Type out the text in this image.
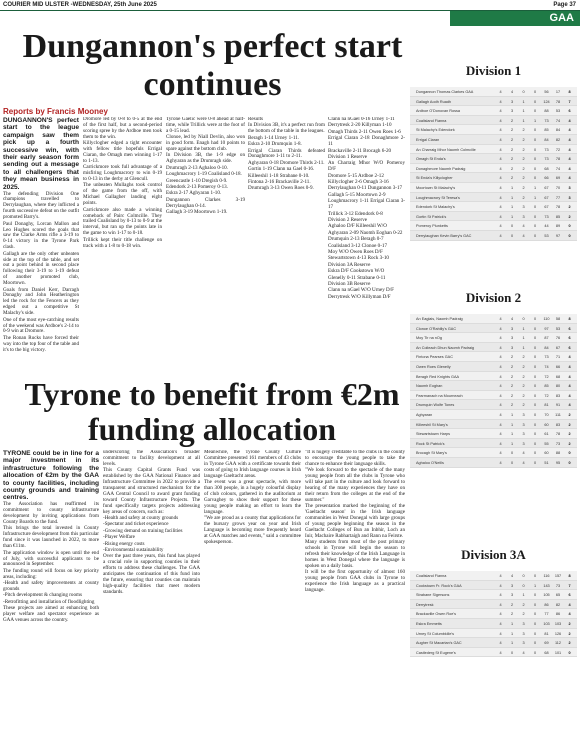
COURIER MID ULSTER -WEDNESDAY, 25th June 2025	Page 37
GAA
Dungannon's perfect start continues
Reports by Francis Mooney

DUNGANNON'S perfect start to the league campaign saw them pick up a fourth successive win, with their early season form sending out a message to all challengers that they mean business in 2025.

The defending Division One champions travelled to Derrylaughan, where they inflicted a fourth successive defeat on the outfit promoted Barry's.

Paul Donaghy, Lorcan Mallon and Leo Hughes scored the goals that saw the Clarke Arms rifle a 3-19 to 0-14 victory in the Tyrone Park clash.

Gallagh are the only other unbeaten side at the top of the table, and set out a point behind in second place following their 3-19 to 1-19 defeat of another promoted club, Moortown.

Goals from Daniel Kerr, Darragh Donaghy and John Heatherington led the rock for the Fencers as they edged out a competitive St Malachy's side.

One of the most eye-catching results of the weekend was Ardboe's 2-14 to 0-9 win at Dromore.

The Ronan Rucks have forced their way into the top four of the table and it's to the big victory.

Dromore led by 0-8 to 0-5 at the end of the first half, but a second-period scoring spree by the Ardboe men took them to the win.

Killyclogher edged a tight encounter with fellow title hopefuls Errigal Ciaran, the Omagh men winning 1-17 to 1-13.

Carrickmore took full advantage of a misfiring Loughmacrory to win 0-19 to 0-13 in the derby at Glencull.

The unbeaten Mullaghs took control of the game from the off, with Michael Gallagher landing eight points.

Carrickmore also made a winning comeback of Pairc Colmcille. They trailed Coalisland by 0-13 to 0-9 at the interval, but ran up the points late in the game to win 1-17 to 0-18.

Trillick kept their title challenge on track with a 1-8 to 0-18 win.

Tyrone Gaelic were 0-8 ahead at half-time, while Trillick were at the foot of a 0-15 lead.

Clonoe, led by Niall Devlin, also won in good form. Enagh had 10 points to spare against the bottom club.

In Division 3B, the 1-9 edge on Aghyaran as the Drumragh side.

Drumragh 2-13 Aghaloo 0-10.

Loughmacrory 1-19 Coalisland 0-18.

Greencastle 1-10 Dregish 0-9.

Edendork 2-13 Pomeroy 0-13.

Eskra 2-17 Aghyaran 1-10.

Dungannon Clarkes 3-19 Derrylaughan 0-14.

Gallagh 3-19 Moortown 1-19.

Results

In Division 3B, it's a perfect run from the bottom of the table in the leagues.

Beragh 1-14 Urney 1-11.

Eskra 2-10 Drumquin 1-8.

Errigal Ciaran Thirds defeated Donaghmore 1-11 to 2-11.

Aghyaran 0-18 Dromore Thirds 2-11.

Gortin 1-19 Clann na Gael 0-16.

Killeeshil 1-18 Strabane 0-10.

Fintona 2-16 Brackaville 2-11.

Drumragh 3-13 Owen Roes 0-9.

Clann na nGael 0-16 Urney 1-11

Derrytresk 2-20 Killyman 1-10

Omagh Thirds 2-11 Owen Roes 1-6

Errigal Ciaran 2-18 Donaghmore 2-11

Brackaville 2-11 Brocagh 6-20

Division 1 Reserve

An Charraig Mhor W/O Pomeroy D/F

Dromore 5-15 Ardboe 2-12

Killyclogher 2-6 Omagh 3-16

Derrylaughan 0-11 Dungannon 3-17

Gallagh 5-15 Moortown 2-9

Loughmacrory 1-11 Errigal Ciaran 3-17

Trillick 3-12 Edendork 0-8

Division 2 Reserve

Aghaloo D/F Killeeshil W/O

Aghyaran 2-09 Naomh Eoghan 0-22

Drumquin 2-13 Beragh 0-7

Coalisland 3-12 Clonoe 0-17

Moy W/O Owen Roes D/F

Stewartstown 4-13 Rock 3-10

Division 3A Reserve

Eskra D/F Cookstown W/O

Glenelly 0-11 Strabane 0-11

Division 3B Reserve

Clann na nGael W/O Urney D/F

Derrytresk W/O Killyman D/F

Tyrone to benefit from €2m funding allocation

TYRONE could be in line for a major investment in its infrastructure following the allocation of €2m by the GAA to county facilities, including county grounds and training centres.

The Association has reaffirmed its commitment to county infrastructure development by inviting applications from County Boards to the fund.

This brings the total invested in County Infrastructure development from this particular fund since it was launched in 2022, to more than €11m.

The application window is open until the end of July, with successful applicants to be announced in September.

The funding round will focus on key priority areas, including:

-Health and safety improvements at county grounds

-Pitch development & changing rooms

-Retrofitting and installation of floodlighting

These projects are aimed at enhancing both player welfare and spectator experience as GAA venues across the country.

underscoring the Association's broader commitment to facility development at all levels.

This County Capital Grants Fund was established by the GAA National Finance and Infrastructure Committee in 2022 to provide a transparent and structured mechanism for the GAA Central Council to award grant funding toward County Infrastructure Projects. The fund specifically targets projects addressing key areas of concern, such as:

-Health and safety at county grounds

-Spectator and ticket experience

-Growing demand on training facilities

-Player Welfare

-Rising energy costs

-Environmental sustainability

Over the past three years, this fund has played a crucial role in supporting counties in their efforts to address these challenges. The GAA anticipates the continuation of this fund into the future, ensuring that counties can maintain high-quality facilities that meet modern standards.

Meanwhile, the Tyrone County Culture Committee presented 161 members of 43 clubs in Tyrone GAA with a certificate towards their costs of going to Irish language courses in Irish language Gaeltacht areas.

The event was a great spectacle, with more than 300 people, in a hugely colourful display of club colours, gathered in the auditorium at Garvaghey to show their support for these young people making an effort to learn the language.

"We are proud as a county that applications for the bursary grows year on year and Irish Language is becoming more frequently heard at GAA matches and events," said a committee spokesperson.

"It is hugely creditable to the clubs in the county to encourage the young people to take the chance to enhance their language skills.

"We look forward to the spectacle of the many young people from all the clubs in Tyrone who will take part in the culture and look forward to hearing of the many experiences they have on their return from the colleges at the end of the summer."

The presentation marked the beginning of the 'Gaeltacht season' in the Irish language communities in West Donegal with large groups of young people beginning the season in the Gaeltacht Colleges of Bun an Inbhir, Loch an Iuir, Machaire Rabhartaigh and Rann na Feirste.

Many students from most of the post primary schools in Tyrone will begin the season to refresh their knowledge of the Irish Language in homes in West Donegal where the language is spoken on a daily basis.

It will be the first opportunity of almost 160 young people from GAA clubs in Tyrone to experience the Irish language as a practical language.

Division 1
Dungannon Thomas Clarkes GAA	4	4	0	0	56	17	8
Gallagh Aodh Ruadh	4	3	1	0	124	78	7
Ardboe O'Donovan Rossa	4	3	1	0	88	53	6
Coalisland Fianna	4	2	1	1	73	74	4
St Malachy's Edendork	4	2	2	0	85	84	4
Errigal Ciaran	4	2	2	0	84	82	4
An Charraig Mhor Naomh Colmcille	4	2	2	0	73	72	4
Omagh St Enda's	4	2	2	0	73	78	4
Donaghmore Naomh Padraig	4	2	2	0	68	74	4
St Enda's Killyclogher	4	2	2	0	66	69	4
Moortown St Malachy's	4	1	2	1	67	70	3
Loughmacrory St Teresa's	4	1	2	1	67	77	3
Edendork St Malachy's	4	1	3	0	67	78	2
Gortin St Patrick's	4	1	3	0	73	85	2
Pomeroy Plunketts	4	0	4	0	44	89	0
Derrylaughan Kevin Barry's GAC	4	0	4	0	53	97	0
Division 2
An Eaglais, Naomh Padraig	4	4	0	0	110	58	8
Clonoe O'Rahilly's GAC	4	3	1	0	97	53	6
Moy Tir na nOg	4	3	1	0	87	76	6
An Coileach Dhun Naomh Padraig	4	3	1	0	84	67	6
Fintona Pearses GAC	4	2	2	0	73	71	4
Owen Roes Glenelly	4	2	2	0	74	66	4
Beragh Red Knights GAA	4	2	2	0	72	68	4
Naomh Eoghan	4	2	2	0	85	80	4
Fearmanach na Mourneach	4	2	2	0	72	83	4
Drumquin Wolfe Tones	4	2	2	0	81	91	4
Aghyaran	4	1	3	0	70	111	2
Killeeshil St Mary's	4	1	3	0	60	83	2
Stewartstown Harps	4	1	3	0	61	78	2
Rock St Patrick's	4	1	3	0	55	73	2
Brocagh St Mary's	4	0	4	0	60	88	0
Aghaloo O'Neills	4	0	4	0	51	95	0
Division 3A
Coalisland Fianna	4	4	0	0	116	157	8
Cookstown Fr. Rock's GAA	4	3	0	1	143	73	7
Strabane Sigersons	4	3	1	0	105	65	6
Derrytresk	4	2	2	0	86	82	4
Brackaville Owen Roe's	4	2	2	0	77	86	4
Eskra Emmetts	4	1	3	0	103	103	2
Urney St Columbkille's	4	1	3	0	81	126	2
Augher St Macartan's GAC	4	1	3	0	69	112	2
Castlederg St Eugene's	4	0	4	0	68	101	0
